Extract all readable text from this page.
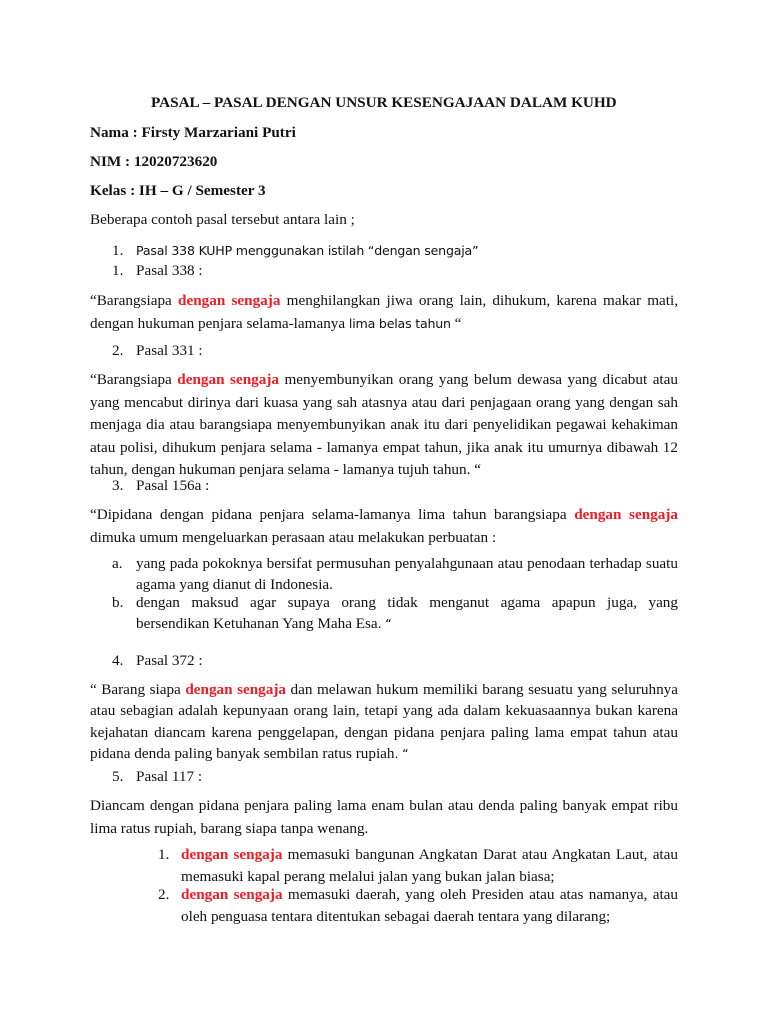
PASAL – PASAL DENGAN UNSUR KESENGAJAAN DALAM KUHD
Nama : Firsty Marzariani Putri
NIM : 12020723620
Kelas : IH – G / Semester 3
Beberapa contoh pasal tersebut antara lain ;
1. Pasal 338 KUHP menggunakan istilah “dengan sengaja”
1. Pasal 338 :
“Barangsiapa dengan sengaja menghilangkan jiwa orang lain, dihukum, karena makar mati, dengan hukuman penjara selama-lamanya lima belas tahun “
2. Pasal 331 :
“Barangsiapa dengan sengaja menyembunyikan orang yang belum dewasa yang dicabut atau yang mencabut dirinya dari kuasa yang sah atasnya atau dari penjagaan orang yang dengan sah menjaga dia atau barangsiapa menyembunyikan anak itu dari penyelidikan pegawai kehakiman atau polisi, dihukum penjara selama - lamanya empat tahun, jika anak itu umurnya dibawah 12 tahun, dengan hukuman penjara selama - lamanya tujuh tahun. “
3. Pasal 156a :
“Dipidana dengan pidana penjara selama-lamanya lima tahun barangsiapa dengan sengaja dimuka umum mengeluarkan perasaan atau melakukan perbuatan :
a. yang pada pokoknya bersifat permusuhan penyalahgunaan atau penodaan terhadap suatu agama yang dianut di Indonesia.
b. dengan maksud agar supaya orang tidak menganut agama apapun juga, yang bersendikan Ketuhanan Yang Maha Esa. “
4. Pasal 372 :
“ Barang siapa dengan sengaja dan melawan hukum memiliki barang sesuatu yang seluruhnya atau sebagian adalah kepunyaan orang lain, tetapi yang ada dalam kekuasaannya bukan karena kejahatan diancam karena penggelapan, dengan pidana penjara paling lama empat tahun atau pidana denda paling banyak sembilan ratus rupiah. “
5. Pasal 117 :
Diancam dengan pidana penjara paling lama enam bulan atau denda paling banyak empat ribu lima ratus rupiah, barang siapa tanpa wenang.
1. dengan sengaja memasuki bangunan Angkatan Darat atau Angkatan Laut, atau memasuki kapal perang melalui jalan yang bukan jalan biasa;
2. dengan sengaja memasuki daerah, yang oleh Presiden atau atas namanya, atau oleh penguasa tentara ditentukan sebagai daerah tentara yang dilarang;
